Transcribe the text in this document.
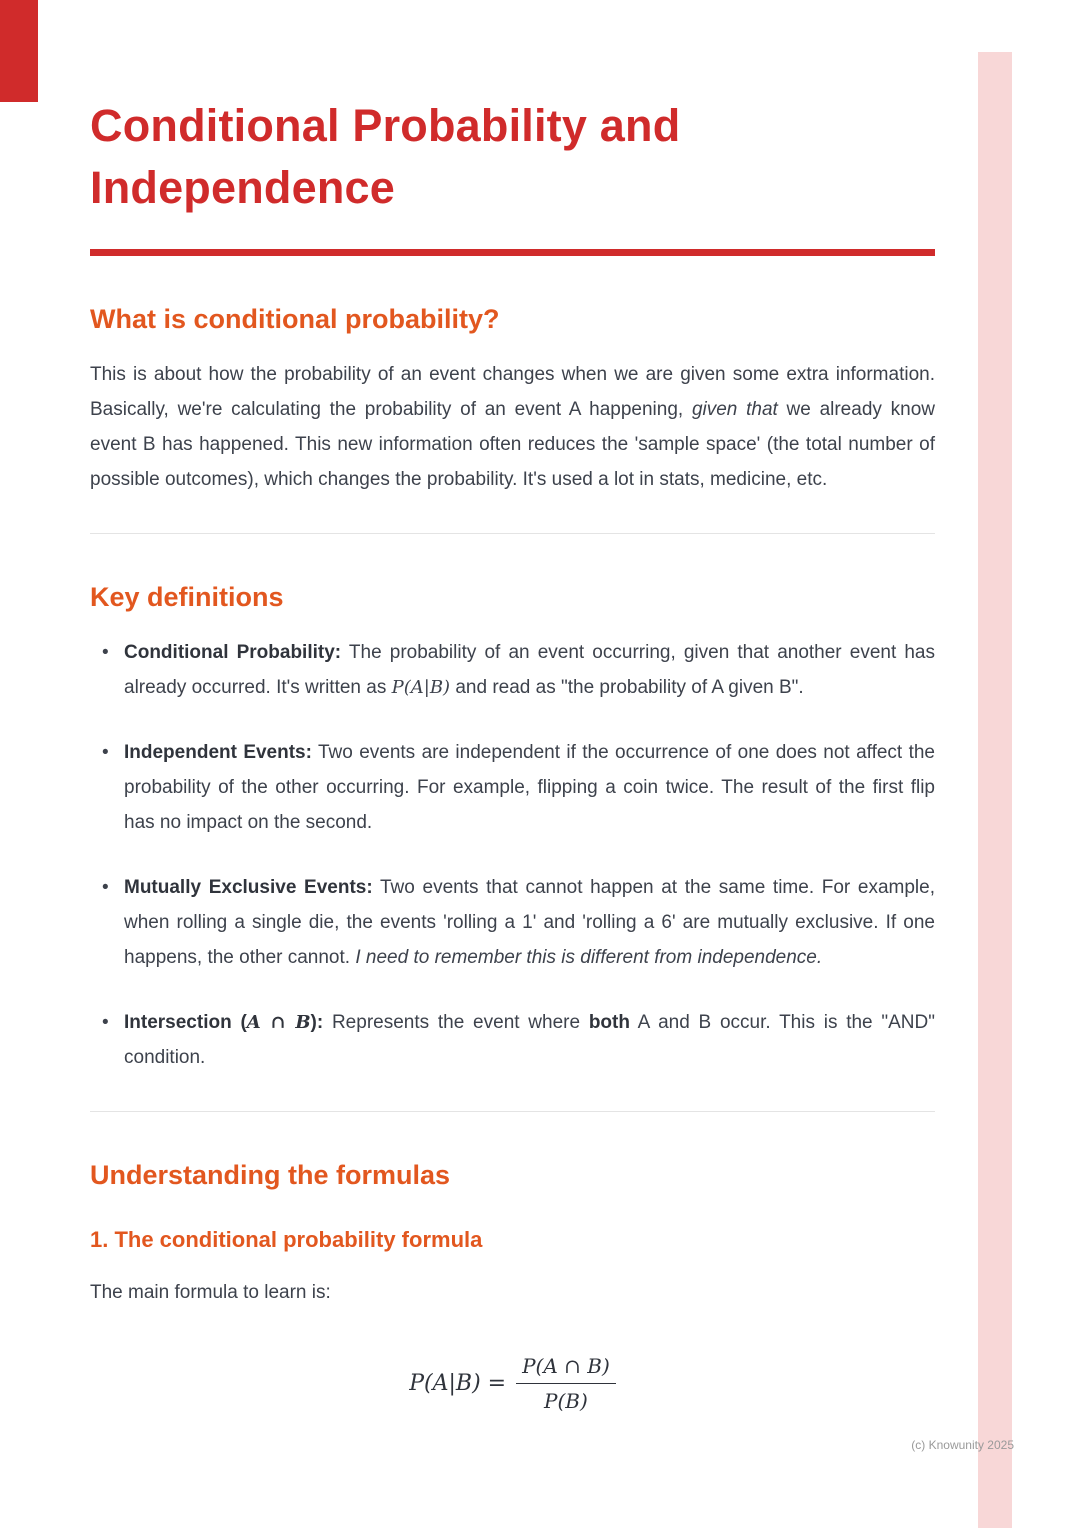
Conditional Probability and
Independence
What is conditional probability?

This is about how the probability of an event changes when we are given some extra information. Basically, we're calculating the probability of an event A happening, given that we already know event B has happened. This new information often reduces the 'sample space' (the total number of possible outcomes), which changes the probability. It's used a lot in stats, medicine, etc.

Key definitions
• Conditional Probability: The probability of an event occurring, given that another event has already occurred. It's written as P(A|B) and read as "the probability of A given B".
• Independent Events: Two events are independent if the occurrence of one does not affect the probability of the other occurring. For example, flipping a coin twice. The result of the first flip has no impact on the second.
• Mutually Exclusive Events: Two events that cannot happen at the same time. For example, when rolling a single die, the events 'rolling a 1' and 'rolling a 6' are mutually exclusive. If one happens, the other cannot. I need to remember this is different from independence.
• Intersection (A ∩ B): Represents the event where both A and B occur. This is the "AND" condition.
Understanding the formulas
1. The conditional probability formula

The main formula to learn is:

$P(A|B) = \frac{P(A \cap B)}{P(B)}$
(c) Knowunity 2025
